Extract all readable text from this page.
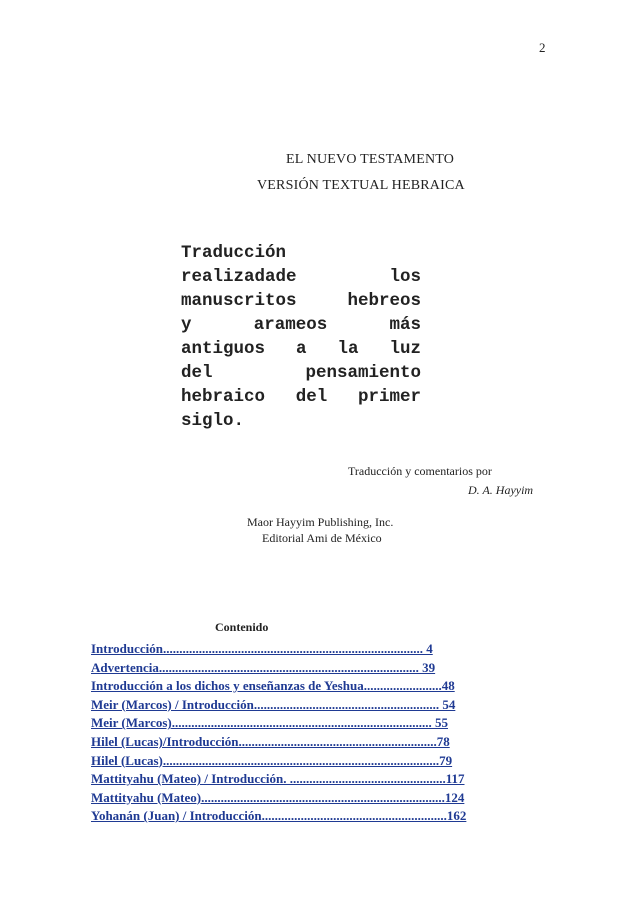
2
EL NUEVO TESTAMENTO
VERSIÓN TEXTUAL HEBRAICA
Traducción
realizadade	los
manuscritos	hebreos
y	arameos	más
antiguos a la luz
del	pensamiento
hebraico del primer
siglo.
Traducción y comentarios por
D. A. Hayyim
Maor Hayyim Publishing, Inc.
Editorial Ami de México
Contenido
Introducción................................................................................ 4
Advertencia................................................................................ 39
Introducción a los dichos y enseñanzas de Yeshua........................48
Meir (Marcos) / Introducción......................................................... 54
Meir (Marcos)................................................................................ 55
Hilel (Lucas)/Introducción.............................................................78
Hilel (Lucas).....................................................................................79
Mattityahu (Mateo) / Introducción. ................................................117
Mattityahu (Mateo)...........................................................................124
Yohanán (Juan) / Introducción.........................................................162
